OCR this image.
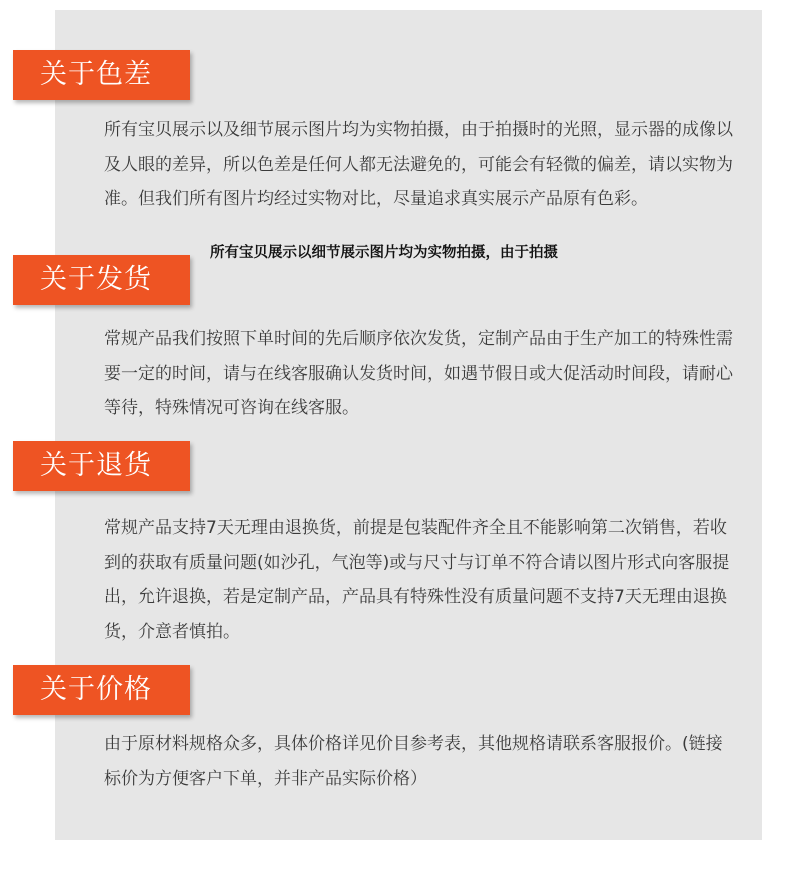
关于色差

所有宝贝展示以及细节展示图片均为实物拍摄，由于拍摄时的光照，显示器的成像以及人眼的差异，所以色差是任何人都无法避免的，可能会有轻微的偏差，请以实物为准。但我们所有图片均经过实物对比，尽量追求真实展示产品原有色彩。

所有宝贝展示以细节展示图片均为实物拍摄，由于拍摄

关于发货

常规产品我们按照下单时间的先后顺序依次发货，定制产品由于生产加工的特殊性需要一定的时间，请与在线客服确认发货时间，如遇节假日或大促活动时间段，请耐心等待，特殊情况可咨询在线客服。

关于退货

常规产品支持7天无理由退换货，前提是包装配件齐全且不能影响第二次销售，若收到的获取有质量问题(如沙孔，气泡等)或与尺寸与订单不符合请以图片形式向客服提出，允许退换，若是定制产品，产品具有特殊性没有质量问题不支持7天无理由退换货，介意者慎拍。

关于价格

由于原材料规格众多，具体价格详见价目参考表，其他规格请联系客服报价。(链接标价为方便客户下单，并非产品实际价格）
